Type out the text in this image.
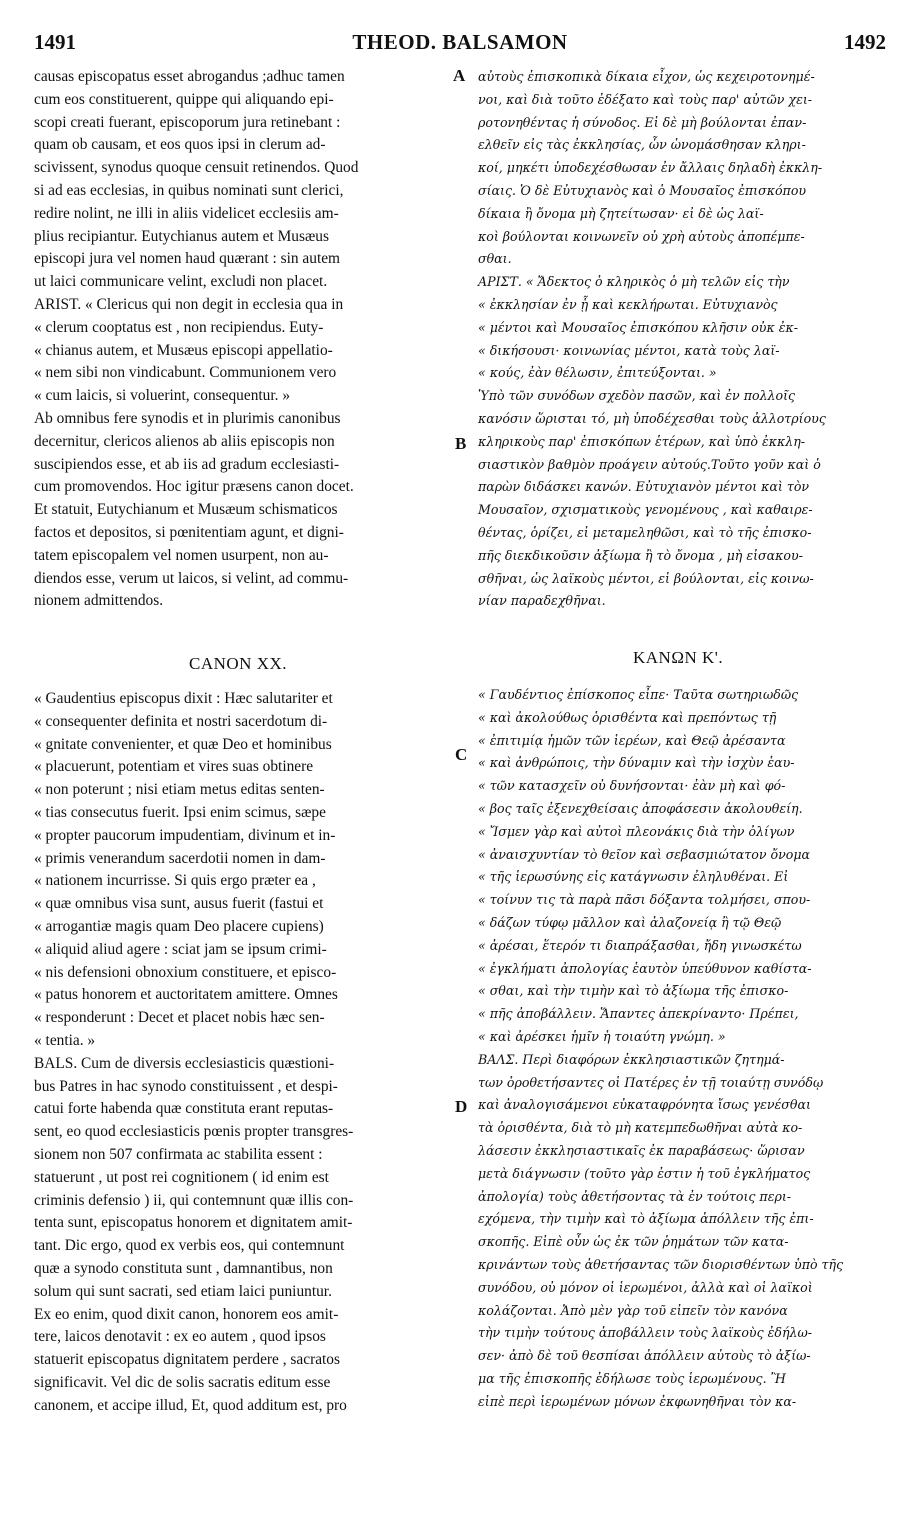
1491	THEOD. BALSAMON	1492
causas episcopatus esset abrogandus ;adhuc tamen
cum eos constituerent, quippe qui aliquando epi-
scopi creati fuerant, episcoporum jura retinebant :
quam ob causam, et eos quos ipsi in clerum ad-
scivissent, synodus quoque censuit retinendos. Quod
si ad eas ecclesias, in quibus nominati sunt clerici,
redire nolint, ne illi in aliis videlicet ecclesiis am-
plius recipiantur. Eutychianus autem et Musæus
episcopi jura vel nomen haud quærant : sin autem
ut laici communicare velint, excludi non placet.
ARIST. « Clericus qui non degit in ecclesia qua in
« clerum cooptatus est , non recipiendus. Euty-
« chianus autem, et Musæus episcopi appellatio-
« nem sibi non vindicabunt. Communionem vero
« cum laicis, si voluerint, consequentur. »
Ab omnibus fere synodis et in plurimis canonibus
decernitur, clericos alienos ab aliis episcopis non
suscipiendos esse, et ab iis ad gradum ecclesiasti-
cum promovendos. Hoc igitur præsens canon docet.
Et statuit, Eutychianum et Musæum schismaticos
factos et depositos, si pœnitentiam agunt, et digni-
tatem episcopalem vel nomen usurpent, non au-
diendos esse, verum ut laicos, si velint, ad commu-
nionem admittendos.
CANON XX.
« Gaudentius episcopus dixit : Hæc salutariter et
« consequenter definita et nostri sacerdotum di-
« gnitate convenienter, et quæ Deo et hominibus
« placuerunt, potentiam et vires suas obtinere
« non poterunt ; nisi etiam metus editas senten-
« tias consecutus fuerit. Ipsi enim scimus, sæpe
« propter paucorum impudentiam, divinum et in-
« primis venerandum sacerdotii nomen in dam-
« nationem incurrisse. Si quis ergo præter ea ,
« quæ omnibus visa sunt, ausus fuerit (fastui et
« arrogantiæ magis quam Deo placere cupiens)
« aliquid aliud agere : sciat jam se ipsum crimi-
« nis defensioni obnoxium constituere, et episco-
« patus honorem et auctoritatem amittere. Omnes
« responderunt : Decet et placet nobis hæc sen-
« tentia. »
BALS. Cum de diversis ecclesiasticis quæstioni-
bus Patres in hac synodo constituissent , et despi-
catui forte habenda quæ constituta erant reputas-
sent, eo quod ecclesiasticis pœnis propter transgres-
sionem non 507 confirmata ac stabilita essent :
statuerunt , ut post rei cognitionem ( id enim est
criminis defensio ) ii, qui contemnunt quæ illis con-
tenta sunt, episcopatus honorem et dignitatem amit-
tant. Dic ergo, quod ex verbis eos, qui contemnunt
quæ a synodo constituta sunt , damnantibus, non
solum qui sunt sacrati, sed etiam laici puniuntur.
Ex eo enim, quod dixit canon, honorem eos amit-
tere, laicos denotavit : ex eo autem , quod ipsos
statuerit episcopatus dignitatem perdere , sacratos
significavit. Vel dic de solis sacratis editum esse
canonem, et accipe illud, Et, quod additum est, pro
αὐτοὺς ἐπισκοπικὰ δίκαια εἶχον, ὡς κεχειροτονημέ-
νοι, καὶ διὰ τοῦτο ἐδέξατο καὶ τοὺς παρ' αὐτῶν χει-
ροτονηθέντας ἡ σύνοδος. Εἰ δὲ μὴ βούλονται ἐπαν-
ελθεῖν εἰς τὰς ἐκκλησίας, ὧν ὠνομάσθησαν κληρι-
κοί, μηκέτι ὑποδεχέσθωσαν ἐν ἄλλαις δηλαδὴ ἐκκλη-
σίαις. Ὁ δὲ Εὐτυχιανὸς καὶ ὁ Μουσαῖος ἐπισκόπου
δίκαια ἢ ὄνομα μὴ ζητείτωσαν· εἰ δὲ ὡς λαϊ-
κοὶ βούλονται κοινωνεῖν οὐ χρὴ αὐτοὺς ἀποπέμπε-
σθαι.
ΑΡΙΣΤ. « Ἄδεκτος ὁ κληρικὸς ὁ μὴ τελῶν εἰς τὴν
« ἐκκλησίαν ἐν ᾗ καὶ κεκλήρωται. Εὐτυχιανὸς
« μέντοι καὶ Μουσαῖος ἐπισκόπου κλῆσιν οὐκ ἐκ-
« δικήσουσι· κοινωνίας μέντοι, κατὰ τοὺς λαϊ-
« κούς, ἐὰν θέλωσιν, ἐπιτεύξονται. »
Ὑπὸ τῶν συνόδων σχεδὸν πασῶν, καὶ ἐν πολλοῖς
κανόσιν ὥρισται τό, μὴ ὑποδέχεσθαι τοὺς ἀλλοτρίους
κληρικοὺς παρ' ἐπισκόπων ἑτέρων, καὶ ὑπὸ ἐκκλη-
σιαστικὸν βαθμὸν προάγειν αὐτούς.Τοῦτο γοῦν καὶ ὁ
παρὼν διδάσκει κανών. Εὐτυχιανὸν μέντοι καὶ τὸν
Μουσαῖον, σχισματικοὺς γενομένους , καὶ καθαιρε-
θέντας, ὁρίζει, εἰ μεταμεληθῶσι, καὶ τὸ τῆς ἐπισκο-
πῆς διεκδικοῦσιν ἀξίωμα ἢ τὸ ὄνομα , μὴ εἰσακου-
σθῆναι, ὡς λαϊκοὺς μέντοι, εἰ βούλονται, εἰς κοινω-
νίαν παραδεχθῆναι.
ΚΑΝΩΝ Κ'.
« Γαυδέντιος ἐπίσκοπος εἶπε· Ταῦτα σωτηριωδῶς
« καὶ ἀκολούθως ὁρισθέντα καὶ πρεπόντως τῇ
« ἐπιτιμίᾳ ἡμῶν τῶν ἱερέων, καὶ Θεῷ ἀρέσαντα
« καὶ ἀνθρώποις, τὴν δύναμιν καὶ τὴν ἰσχὺν ἑαυ-
« τῶν κατασχεῖν οὐ δυνήσονται· ἐὰν μὴ καὶ φό-
« βος ταῖς ἐξενεχθείσαις ἀποφάσεσιν ἀκολουθείη.
« Ἴσμεν γὰρ καὶ αὐτοὶ πλεονάκις διὰ τὴν ὀλίγων
« ἀναισχυντίαν τὸ θεῖον καὶ σεβασμιώτατον ὄνομα
« τῆς ἱερωσύνης εἰς κατάγνωσιν ἐληλυθέναι. Εἰ
« τοίνυν τις τὰ παρὰ πᾶσι δόξαντα τολμήσει, σπου-
« δάζων τύφῳ μᾶλλον καὶ ἀλαζονείᾳ ἢ τῷ Θεῷ
« ἀρέσαι, ἕτερόν τι διαπράξασθαι, ἤδη γινωσκέτω
« ἐγκλήματι ἀπολογίας ἑαυτὸν ὑπεύθυνον καθίστα-
« σθαι, καὶ τὴν τιμὴν καὶ τὸ ἀξίωμα τῆς ἐπισκο-
« πῆς ἀποβάλλειν. Ἅπαντες ἀπεκρίναντο· Πρέπει,
« καὶ ἀρέσκει ἡμῖν ἡ τοιαύτη γνώμη. »
ΒΑΛΣ. Περὶ διαφόρων ἐκκλησιαστικῶν ζητημά-
των ὁροθετήσαντες οἱ Πατέρες ἐν τῇ τοιαύτῃ συνόδῳ
καὶ ἀναλογισάμενοι εὐκαταφρόνητα ἴσως γενέσθαι
τὰ ὁρισθέντα, διὰ τὸ μὴ κατεμπεδωθῆναι αὐτὰ κο-
λάσεσιν ἐκκλησιαστικαῖς ἐκ παραβάσεως· ὥρισαν
μετὰ διάγνωσιν (τοῦτο γὰρ ἐστιν ἡ τοῦ ἐγκλήματος
ἀπολογία) τοὺς ἀθετήσοντας τὰ ἐν τούτοις περι-
εχόμενα, τὴν τιμὴν καὶ τὸ ἀξίωμα ἀπόλλειν τῆς ἐπι-
σκοπῆς. Εἰπὲ οὖν ὡς ἐκ τῶν ῥημάτων τῶν κατα-
κρινάντων τοὺς ἀθετήσαντας τῶν διορισθέντων ὑπὸ τῆς
συνόδου, οὐ μόνον οἱ ἱερωμένοι, ἀλλὰ καὶ οἱ λαϊκοὶ
κολάζονται. Ἀπὸ μὲν γὰρ τοῦ εἰπεῖν τὸν κανόνα
τὴν τιμὴν τούτους ἀποβάλλειν τοὺς λαϊκοὺς ἐδήλω-
σεν· ἀπὸ δὲ τοῦ θεσπίσαι ἀπόλλειν αὐτοὺς τὸ ἀξίω-
μα τῆς ἐπισκοπῆς ἐδήλωσε τοὺς ἱερωμένους. Ἢ
εἰπὲ περὶ ἱερωμένων μόνων ἐκφωνηθῆναι τὸν κα-
A
B
C
D
